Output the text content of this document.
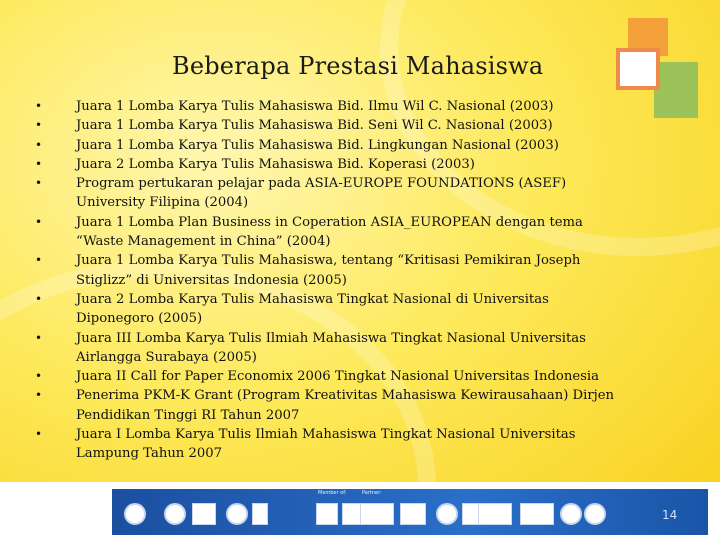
Beberapa Prestasi Mahasiswa
•	Juara 1 Lomba Karya Tulis Mahasiswa Bid. Ilmu Wil C. Nasional (2003)
•	Juara 1 Lomba Karya Tulis Mahasiswa Bid. Seni Wil C. Nasional (2003)
•	Juara 1 Lomba Karya Tulis Mahasiswa Bid. Lingkungan Nasional (2003)
•	Juara 2 Lomba Karya Tulis Mahasiswa Bid. Koperasi (2003)
•	Program pertukaran pelajar pada ASIA-EUROPE FOUNDATIONS (ASEF)
University Filipina (2004)
•	Juara 1 Lomba Plan Business in Coperation ASIA_EUROPEAN dengan tema
“Waste Management in China” (2004)
•	Juara 1 Lomba Karya Tulis Mahasiswa, tentang “Kritisasi Pemikiran Joseph
Stiglizz” di Universitas Indonesia (2005)
•	Juara 2 Lomba Karya Tulis Mahasiswa Tingkat Nasional di Universitas
Diponegoro (2005)
•	Juara III Lomba Karya Tulis Ilmiah Mahasiswa Tingkat Nasional Universitas
Airlangga Surabaya (2005)
•	Juara II Call for Paper Economix 2006 Tingkat Nasional Universitas Indonesia
•	Penerima PKM-K Grant (Program Kreativitas Mahasiswa Kewirausahaan) Dirjen
Pendidikan Tinggi RI Tahun 2007
•	Juara I Lomba Karya Tulis Ilmiah Mahasiswa Tingkat Nasional Universitas
Lampung Tahun 2007
Member of:	Partner:
14
